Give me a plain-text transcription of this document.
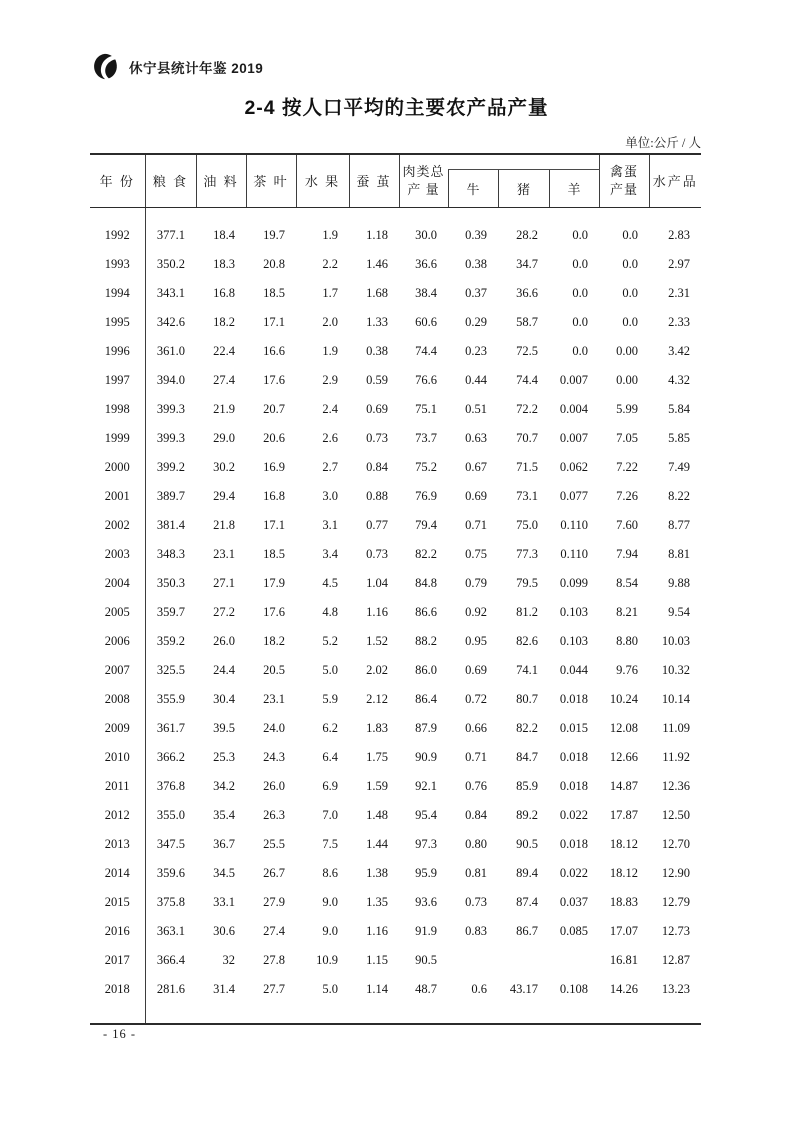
休宁县统计年鉴 2019
2-4 按人口平均的主要农产品产量
单位:公斤 / 人
年 份	粮 食	油 料	茶 叶	水 果	蚕 茧	
肉类总
产 量

禽蛋
产量	水产品
							牛	猪	羊		
1992	377.1	18.4	19.7	1.9	1.18	30.0	0.39	28.2	0.0	0.0	2.83
1993	350.2	18.3	20.8	2.2	1.46	36.6	0.38	34.7	0.0	0.0	2.97
1994	343.1	16.8	18.5	1.7	1.68	38.4	0.37	36.6	0.0	0.0	2.31
1995	342.6	18.2	17.1	2.0	1.33	60.6	0.29	58.7	0.0	0.0	2.33
1996	361.0	22.4	16.6	1.9	0.38	74.4	0.23	72.5	0.0	0.00	3.42
1997	394.0	27.4	17.6	2.9	0.59	76.6	0.44	74.4	0.007	0.00	4.32
1998	399.3	21.9	20.7	2.4	0.69	75.1	0.51	72.2	0.004	5.99	5.84
1999	399.3	29.0	20.6	2.6	0.73	73.7	0.63	70.7	0.007	7.05	5.85
2000	399.2	30.2	16.9	2.7	0.84	75.2	0.67	71.5	0.062	7.22	7.49
2001	389.7	29.4	16.8	3.0	0.88	76.9	0.69	73.1	0.077	7.26	8.22
2002	381.4	21.8	17.1	3.1	0.77	79.4	0.71	75.0	0.110	7.60	8.77
2003	348.3	23.1	18.5	3.4	0.73	82.2	0.75	77.3	0.110	7.94	8.81
2004	350.3	27.1	17.9	4.5	1.04	84.8	0.79	79.5	0.099	8.54	9.88
2005	359.7	27.2	17.6	4.8	1.16	86.6	0.92	81.2	0.103	8.21	9.54
2006	359.2	26.0	18.2	5.2	1.52	88.2	0.95	82.6	0.103	8.80	10.03
2007	325.5	24.4	20.5	5.0	2.02	86.0	0.69	74.1	0.044	9.76	10.32
2008	355.9	30.4	23.1	5.9	2.12	86.4	0.72	80.7	0.018	10.24	10.14
2009	361.7	39.5	24.0	6.2	1.83	87.9	0.66	82.2	0.015	12.08	11.09
2010	366.2	25.3	24.3	6.4	1.75	90.9	0.71	84.7	0.018	12.66	11.92
2011	376.8	34.2	26.0	6.9	1.59	92.1	0.76	85.9	0.018	14.87	12.36
2012	355.0	35.4	26.3	7.0	1.48	95.4	0.84	89.2	0.022	17.87	12.50
2013	347.5	36.7	25.5	7.5	1.44	97.3	0.80	90.5	0.018	18.12	12.70
2014	359.6	34.5	26.7	8.6	1.38	95.9	0.81	89.4	0.022	18.12	12.90
2015	375.8	33.1	27.9	9.0	1.35	93.6	0.73	87.4	0.037	18.83	12.79
2016	363.1	30.6	27.4	9.0	1.16	91.9	0.83	86.7	0.085	17.07	12.73
2017	366.4	32	27.8	10.9	1.15	90.5				16.81	12.87
2018	281.6	31.4	27.7	5.0	1.14	48.7	0.6	43.17	0.108	14.26	13.23
- 16 -
